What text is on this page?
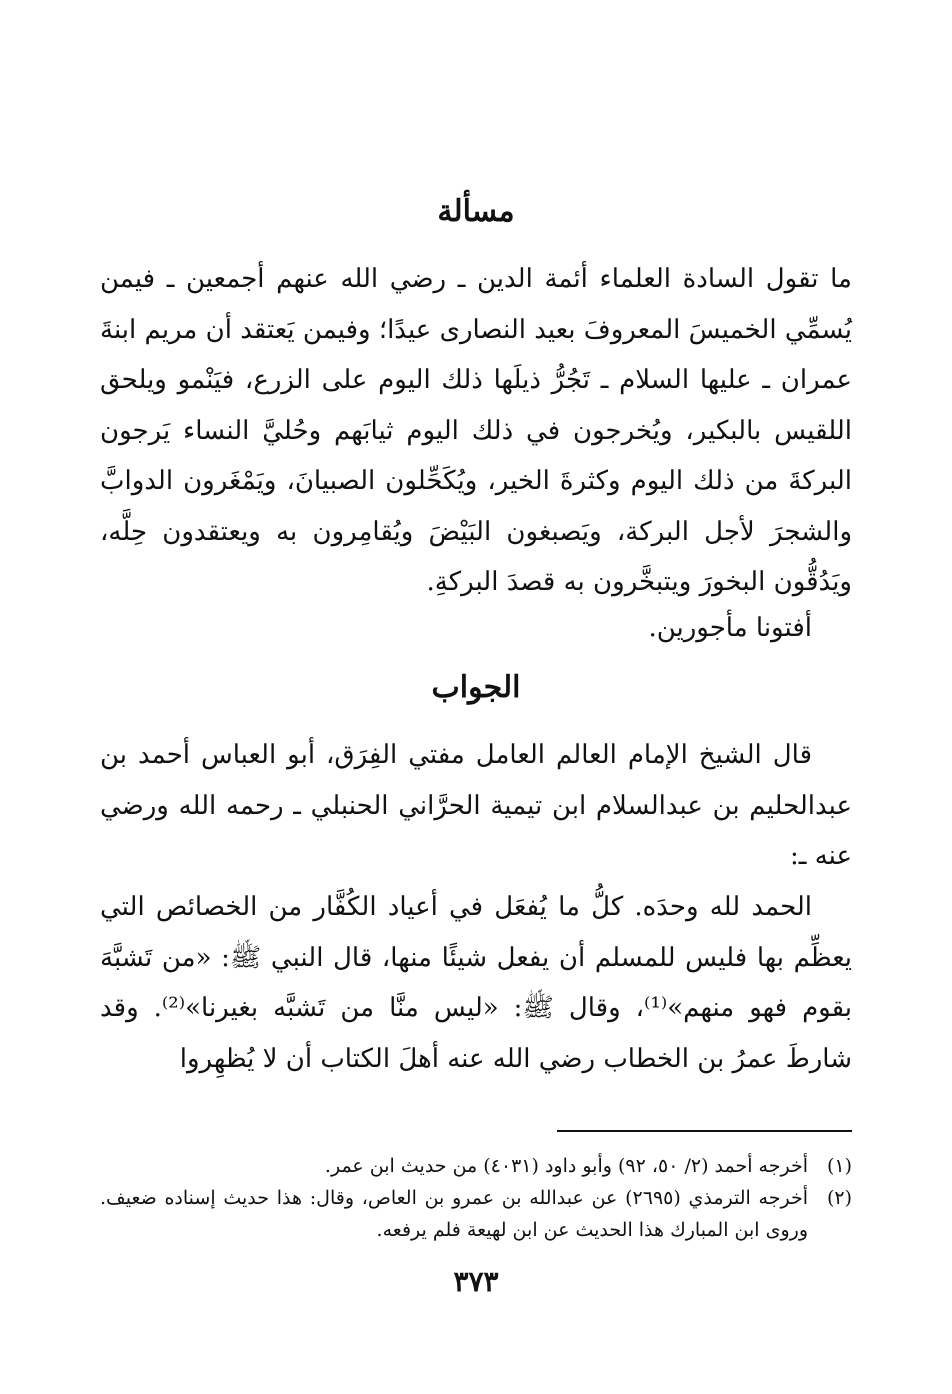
مسألة

ما تقول السادة العلماء أئمة الدين ـ رضي الله عنهم أجمعين ـ فيمن يُسمِّي الخميسَ المعروفَ بعيد النصارى عيدًا؛ وفيمن يَعتقد أن مريم ابنةَ عمران ـ عليها السلام ـ تَجُرُّ ذيلَها ذلك اليوم على الزرع، فيَنْمو ويلحق اللقيس بالبكير، ويُخرجون في ذلك اليوم ثيابَهم وحُليَّ النساء يَرجون البركةَ من ذلك اليوم وكثرةَ الخير، ويُكَحِّلون الصبيانَ، ويَمْغَرون الدوابَّ والشجرَ لأجل البركة، ويَصبغون البَيْضَ ويُقامِرون به ويعتقدون حِلَّه، ويَدُقُّون البخورَ ويتبخَّرون به قصدَ البركةِ.

أفتونا مأجورين.

الجواب

قال الشيخ الإمام العالم العامل مفتي الفِرَق، أبو العباس أحمد بن عبدالحليم بن عبدالسلام ابن تيمية الحرَّاني الحنبلي ـ رحمه الله ورضي عنه ـ:

الحمد لله وحدَه. كلُّ ما يُفعَل في أعياد الكُفَّار من الخصائص التي يعظِّم بها فليس للمسلم أن يفعل شيئًا منها، قال النبي ﷺ: «من تَشبَّهَ بقوم فهو منهم»⁽¹⁾، وقال ﷺ: «ليس منَّا من تَشبَّه بغيرنا»⁽²⁾. وقد شارطَ عمرُ بن الخطاب رضي الله عنه أهلَ الكتاب أن لا يُظهِروا

(١)
أخرجه أحمد (٢/ ٥٠، ٩٢) وأبو داود (٤٠٣١) من حديث ابن عمر.
(٢)
أخرجه الترمذي (٢٦٩٥) عن عبدالله بن عمرو بن العاص، وقال: هذا حديث إسناده ضعيف. وروى ابن المبارك هذا الحديث عن ابن لهيعة فلم يرفعه.
٣٧٣
